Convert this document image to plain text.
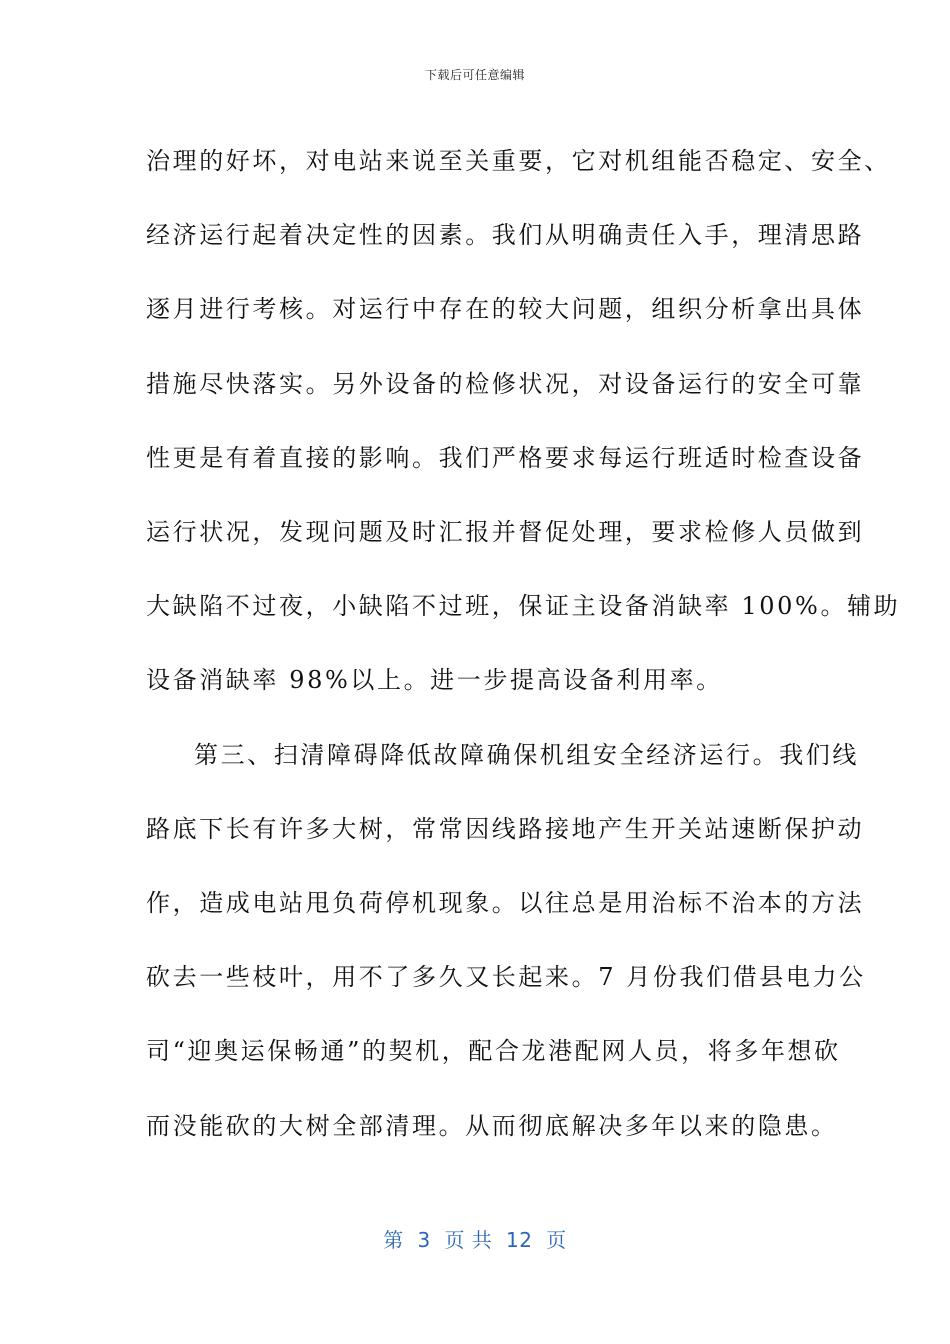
下载后可任意编辑
治理的好坏，对电站来说至关重要，它对机组能否稳定、安全、
经济运行起着决定性的因素。我们从明确责任入手，理清思路
逐月进行考核。对运行中存在的较大问题，组织分析拿出具体
措施尽快落实。另外设备的检修状况，对设备运行的安全可靠
性更是有着直接的影响。我们严格要求每运行班适时检查设备
运行状况，发现问题及时汇报并督促处理，要求检修人员做到
大缺陷不过夜，小缺陷不过班，保证主设备消缺率 100%。辅助
设备消缺率 98%以上。进一步提高设备利用率。
第三、扫清障碍降低故障确保机组安全经济运行。我们线
路底下长有许多大树，常常因线路接地产生开关站速断保护动
作，造成电站甩负荷停机现象。以往总是用治标不治本的方法
砍去一些枝叶，用不了多久又长起来。7 月份我们借县电力公
司“迎奥运保畅通”的契机，配合龙港配网人员，将多年想砍
而没能砍的大树全部清理。从而彻底解决多年以来的隐患。
第  3  页 共  12  页
